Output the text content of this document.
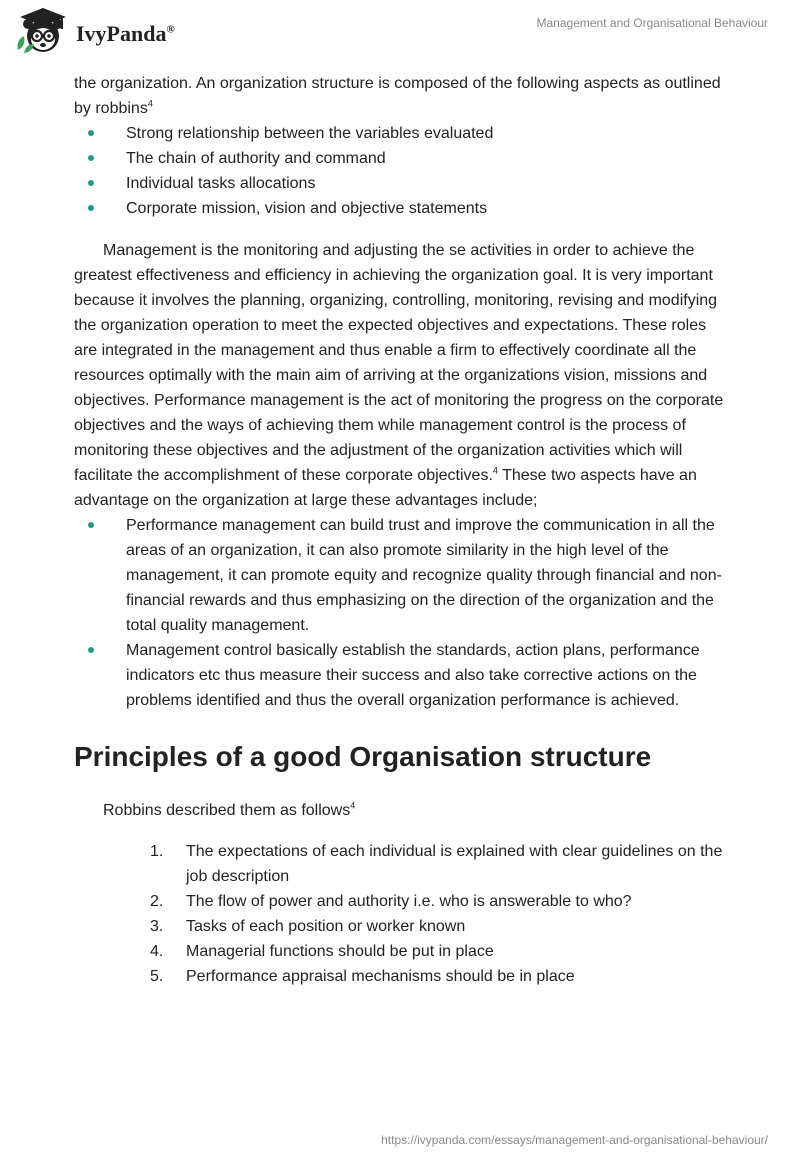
IvyPanda®	Management and Organisational Behaviour

the organization. An organization structure is composed of the following aspects as outlined by robbins$^4$

Strong relationship between the variables evaluated
The chain of authority and command
Individual tasks allocations
Corporate mission, vision and objective statements

Management is the monitoring and adjusting the se activities in order to achieve the greatest effectiveness and efficiency in achieving the organization goal. It is very important because it involves the planning, organizing, controlling, monitoring, revising and modifying the organization operation to meet the expected objectives and expectations. These roles are integrated in the management and thus enable a firm to effectively coordinate all the resources optimally with the main aim of arriving at the organizations vision, missions and objectives. Performance management is the act of monitoring the progress on the corporate objectives and the ways of achieving them while management control is the process of monitoring these objectives and the adjustment of the organization activities which will facilitate the accomplishment of these corporate objectives.$^4$ These two aspects have an advantage on the organization at large these advantages include;

Performance management can build trust and improve the communication in all the areas of an organization, it can also promote similarity in the high level of the management, it can promote equity and recognize quality through financial and non-financial rewards and thus emphasizing on the direction of the organization and the total quality management.
Management control basically establish the standards, action plans, performance indicators etc thus measure their success and also take corrective actions on the problems identified and thus the overall organization performance is achieved.
Principles of a good Organisation structure

Robbins described them as follows$^4$

1. The expectations of each individual is explained with clear guidelines on the job description
2. The flow of power and authority i.e. who is answerable to who?
3. Tasks of each position or worker known
4. Managerial functions should be put in place
5. Performance appraisal mechanisms should be in place
https://ivypanda.com/essays/management-and-organisational-behaviour/
